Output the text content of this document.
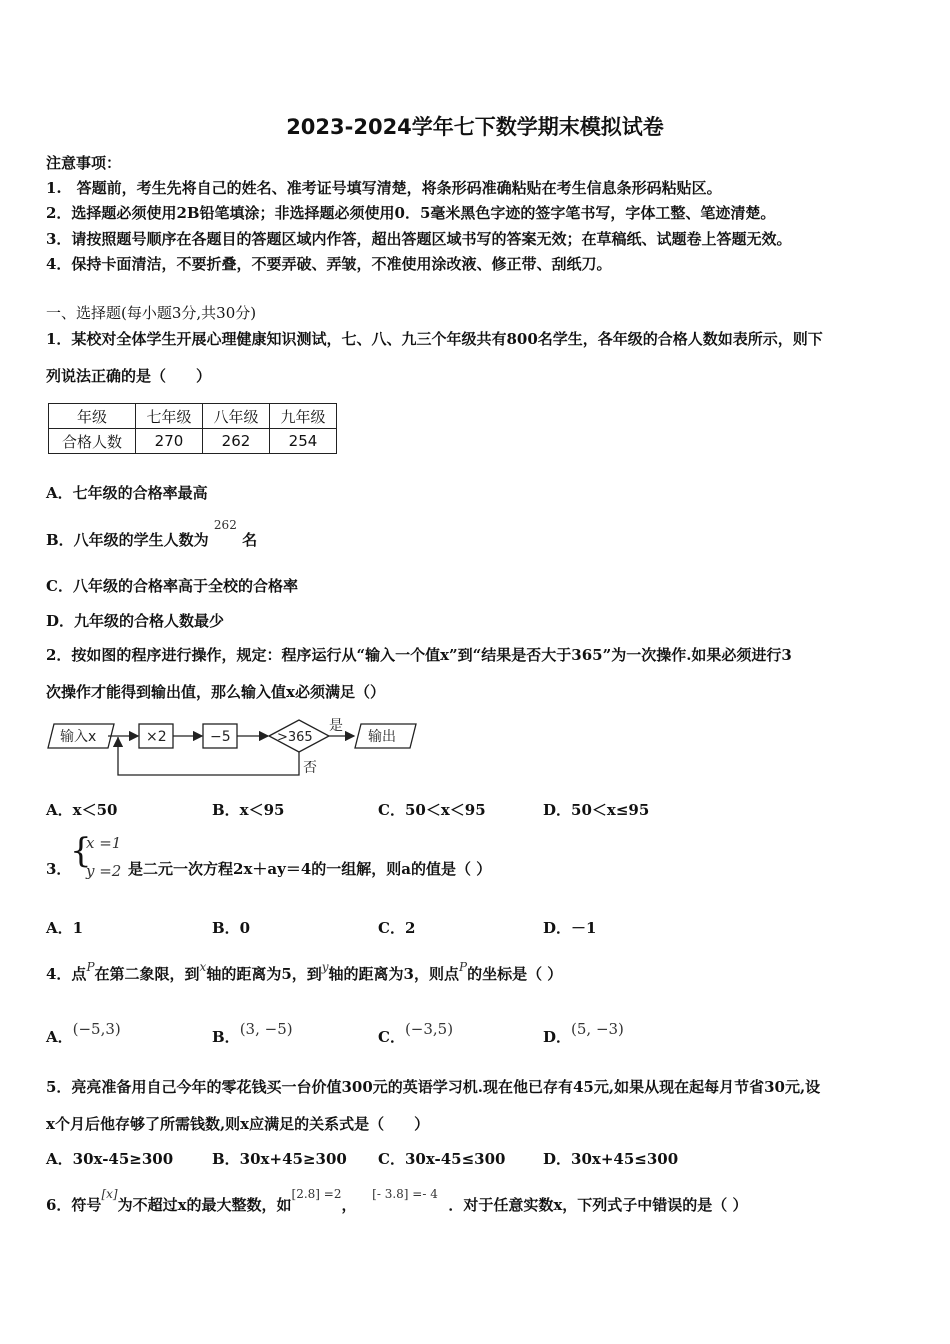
2023-2024学年七下数学期末模拟试卷
注意事项：
1.　答题前，考生先将自己的姓名、准考证号填写清楚，将条形码准确粘贴在考生信息条形码粘贴区。
2．选择题必须使用2B铅笔填涂；非选择题必须使用0．5毫米黑色字迹的签字笔书写，字体工整、笔迹清楚。
3．请按照题号顺序在各题目的答题区域内作答，超出答题区域书写的答案无效；在草稿纸、试题卷上答题无效。
4．保持卡面清洁，不要折叠，不要弄破、弄皱，不准使用涂改液、修正带、刮纸刀。
一、选择题(每小题3分,共30分)
1．某校对全体学生开展心理健康知识测试，七、八、九三个年级共有800名学生，各年级的合格人数如表所示，则下
列说法正确的是（　　）
年级	七年级	八年级	九年级
合格人数	270	262	254
A．七年级的合格率最高
B．八年级的学生人数为 $^{262}$ 名
C．八年级的合格率高于全校的合格率
D．九年级的合格人数最少
2．按如图的程序进行操作，规定：程序运行从“输入一个值x”到“结果是否大于365”为一次操作.如果必须进行3
次操作才能得到输出值，那么输入值x必须满足（）
输入x	×2	−5	>365
是
否
输出
A．x＜50	B．x＜95	C．50＜x＜95	D．50＜x≤95
3．
{
x =1
y =2 是二元一次方程2x＋ay＝4的一组解，则a的值是（ ）
A．1	B．0	C．2	D．－1
4．点$^P$在第二象限，到$^x$轴的距离为5，到$^y$轴的距离为3，则点$^P$的坐标是（ ）
A．(−5,3)	B．(3, −5)	C．(−3,5)	D．(5, −3)
5．亮亮准备用自己今年的零花钱买一台价值300元的英语学习机.现在他已存有45元,如果从现在起每月节省30元,设
x个月后他存够了所需钱数,则x应满足的关系式是（　　）
A．30x-45≥300	B．30x+45≥300 C．30x-45≤300	D．30x+45≤300
6．符号[x]为不超过x的最大整数，如$^{[2.8] =2}$，   $^{[- 3.8] =- 4}$  ．对于任意实数x，下列式子中错误的是（ ）
